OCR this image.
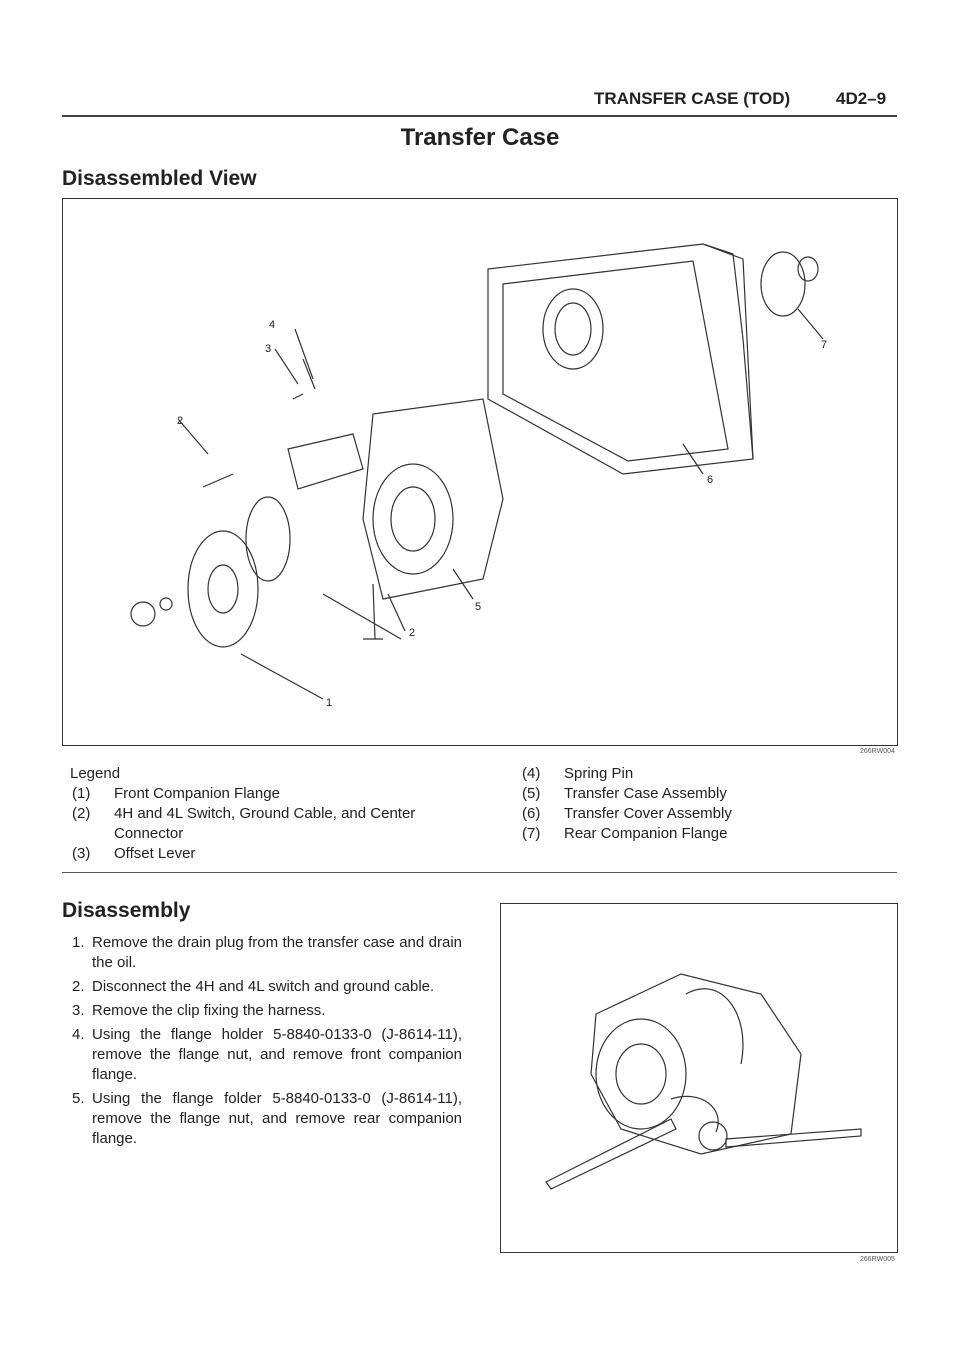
TRANSFER CASE (TOD)	4D2–9
Transfer Case
Disassembled View
4
3
2
7
6
5
2
1
266RW004
Legend
(1) Front Companion Flange
(2) 4H and 4L Switch, Ground Cable, and Center Connector
(3) Offset Lever
(4) Spring Pin
(5) Transfer Case Assembly
(6) Transfer Cover Assembly
(7) Rear Companion Flange
Disassembly
1. Remove the drain plug from the transfer case and drain the oil.
2. Disconnect the 4H and 4L switch and ground cable.
3. Remove the clip fixing the harness.
4. Using the flange holder 5-8840-0133-0 (J-8614-11), remove the flange nut, and remove front companion flange.
5. Using the flange folder 5-8840-0133-0 (J-8614-11), remove the flange nut, and remove rear companion flange.
266RW005
